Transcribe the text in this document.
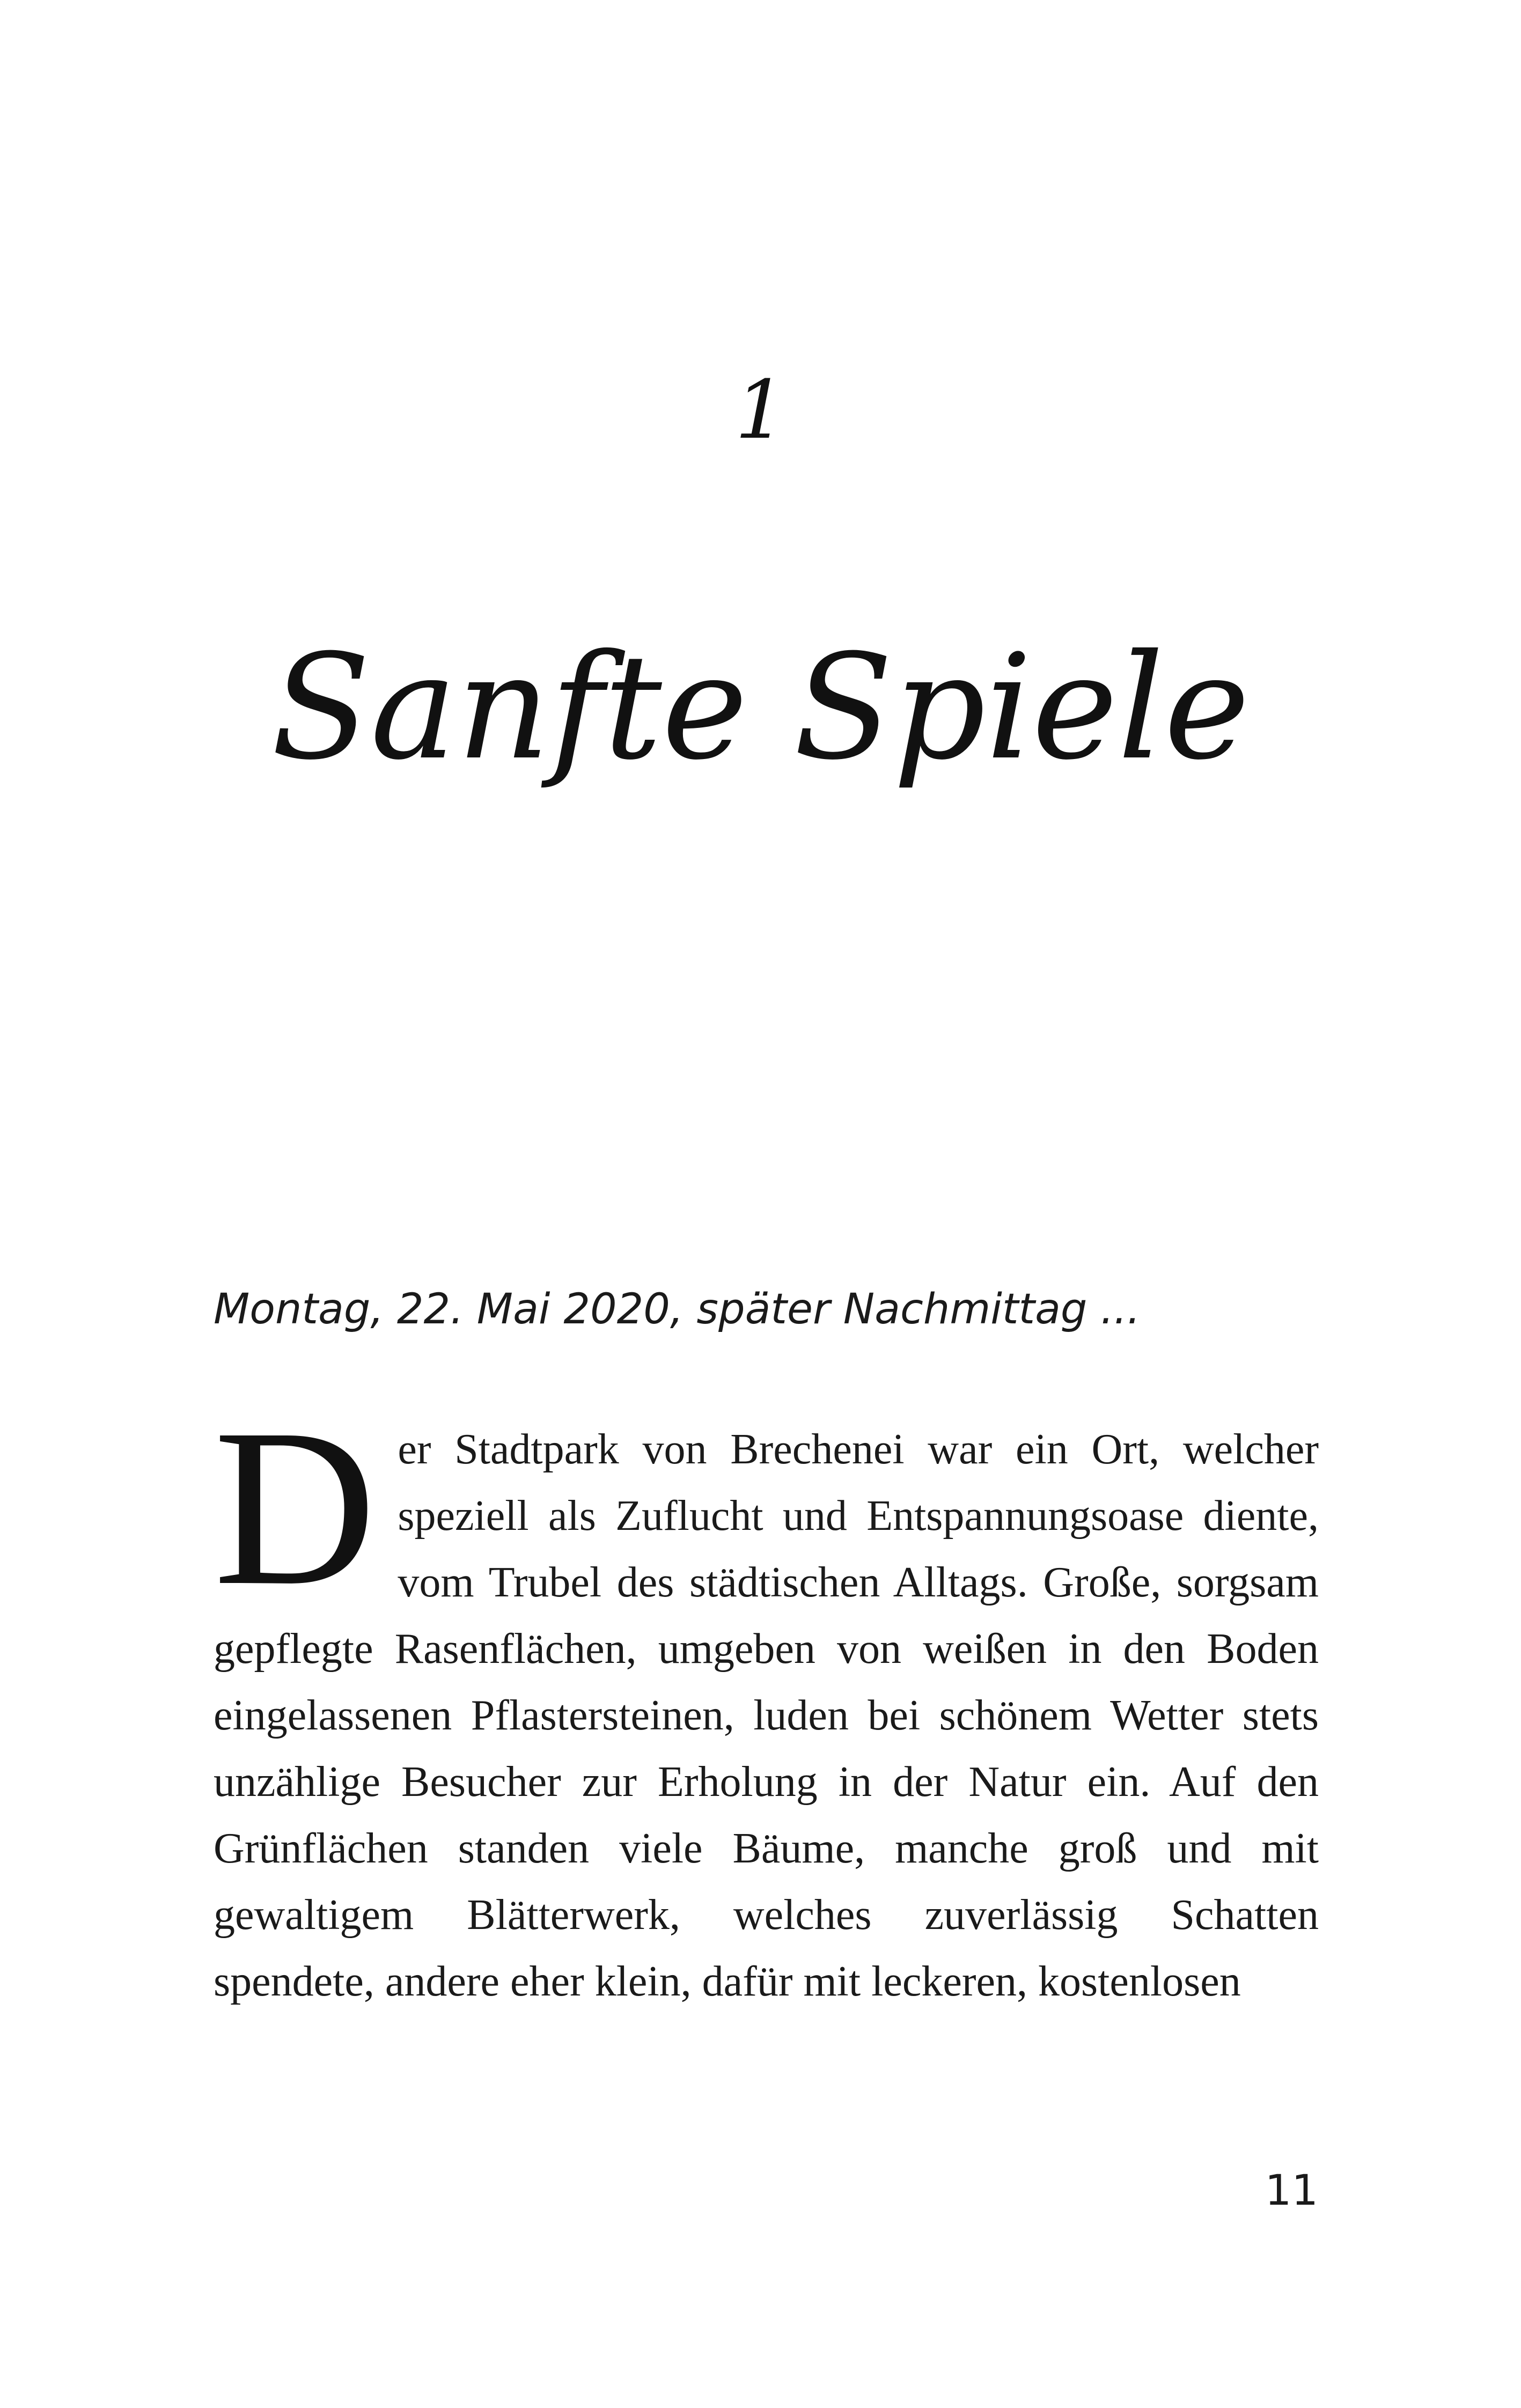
1
Sanfte Spiele
Montag, 22. Mai 2020, später Nachmittag ...
Der Stadtpark von Brechenei war ein Ort, welcher speziell als Zuflucht und Entspannungsoase diente, vom Trubel des städtischen Alltags. Große, sorgsam gepflegte Rasenflächen, umgeben von weißen in den Boden eingelassenen Pflastersteinen, luden bei schönem Wetter stets unzählige Besucher zur Erholung in der Natur ein. Auf den Grünflächen standen viele Bäume, manche groß und mit gewaltigem Blätterwerk, welches zuverlässig Schatten spendete, andere eher klein, dafür mit leckeren, kostenlosen
11
